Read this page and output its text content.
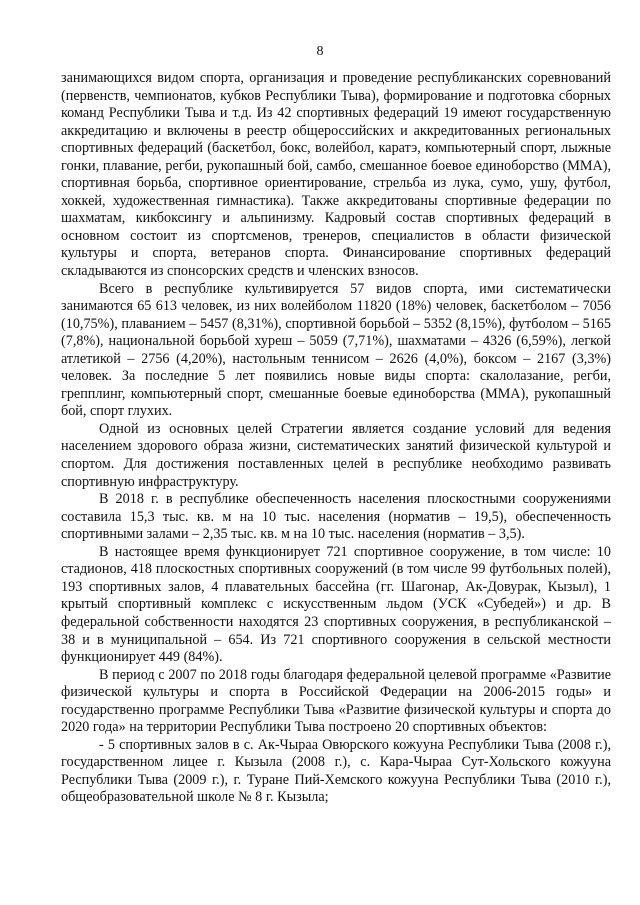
8

занимающихся видом спорта, организация и проведение республиканских соревнований (первенств, чемпионатов, кубков Республики Тыва), формирование и подготовка сборных команд Республики Тыва и т.д. Из 42 спортивных федераций 19 имеют государственную аккредитацию и включены в реестр общероссийских и аккредитованных региональных спортивных федераций (баскетбол, бокс, волейбол, каратэ, компьютерный спорт, лыжные гонки, плавание, регби, рукопашный бой, самбо, смешанное боевое единоборство (ММА), спортивная борьба, спортивное ориентирование, стрельба из лука, сумо, ушу, футбол, хоккей, художественная гимнастика). Также аккредитованы спортивные федерации по шахматам, кикбоксингу и альпинизму. Кадровый состав спортивных федераций в основном состоит из спортсменов, тренеров, специалистов в области физической культуры и спорта, ветеранов спорта. Финансирование спортивных федераций складываются из спонсорских средств и членских взносов.

Всего в республике культивируется 57 видов спорта, ими систематически занимаются 65 613 человек, из них волейболом 11820 (18%) человек, баскетболом – 7056 (10,75%), плаванием – 5457 (8,31%), спортивной борьбой – 5352 (8,15%), футболом – 5165 (7,8%), национальной борьбой хуреш – 5059 (7,71%), шахматами – 4326 (6,59%), легкой атлетикой – 2756 (4,20%), настольным теннисом – 2626 (4,0%), боксом – 2167 (3,3%) человек. За последние 5 лет появились новые виды спорта: скалолазание, регби, грепплинг, компьютерный спорт, смешанные боевые единоборства (ММА), рукопашный бой, спорт глухих.

Одной из основных целей Стратегии является создание условий для ведения населением здорового образа жизни, систематических занятий физической культурой и спортом. Для достижения поставленных целей в республике необходимо развивать спортивную инфраструктуру.

В 2018 г. в республике обеспеченность населения плоскостными сооружениями составила 15,3 тыс. кв. м на 10 тыс. населения (норматив – 19,5), обеспеченность спортивными залами – 2,35 тыс. кв. м на 10 тыс. населения (норматив – 3,5).

В настоящее время функционирует 721 спортивное сооружение, в том числе: 10 стадионов, 418 плоскостных спортивных сооружений (в том числе 99 футбольных полей), 193 спортивных залов, 4 плавательных бассейна (гг. Шагонар, Ак-Довурак, Кызыл), 1 крытый спортивный комплекс с искусственным льдом (УСК «Субедей») и др. В федеральной собственности находятся 23 спортивных сооружения, в республиканской – 38 и в муниципальной – 654. Из 721 спортивного сооружения в сельской местности функционирует 449 (84%).

В период с 2007 по 2018 годы благодаря федеральной целевой программе «Развитие физической культуры и спорта в Российской Федерации на 2006-2015 годы» и государственно программе Республики Тыва «Развитие физической культуры и спорта до 2020 года» на территории Республики Тыва построено 20 спортивных объектов:

- 5 спортивных залов в с. Ак-Чыраа Овюрского кожууна Республики Тыва (2008 г.), государственном лицее г. Кызыла (2008 г.), с. Кара-Чыраа Сут-Хольского кожууна Республики Тыва (2009 г.), г. Туране Пий-Хемского кожууна Республики Тыва (2010 г.), общеобразовательной школе № 8 г. Кызыла;
